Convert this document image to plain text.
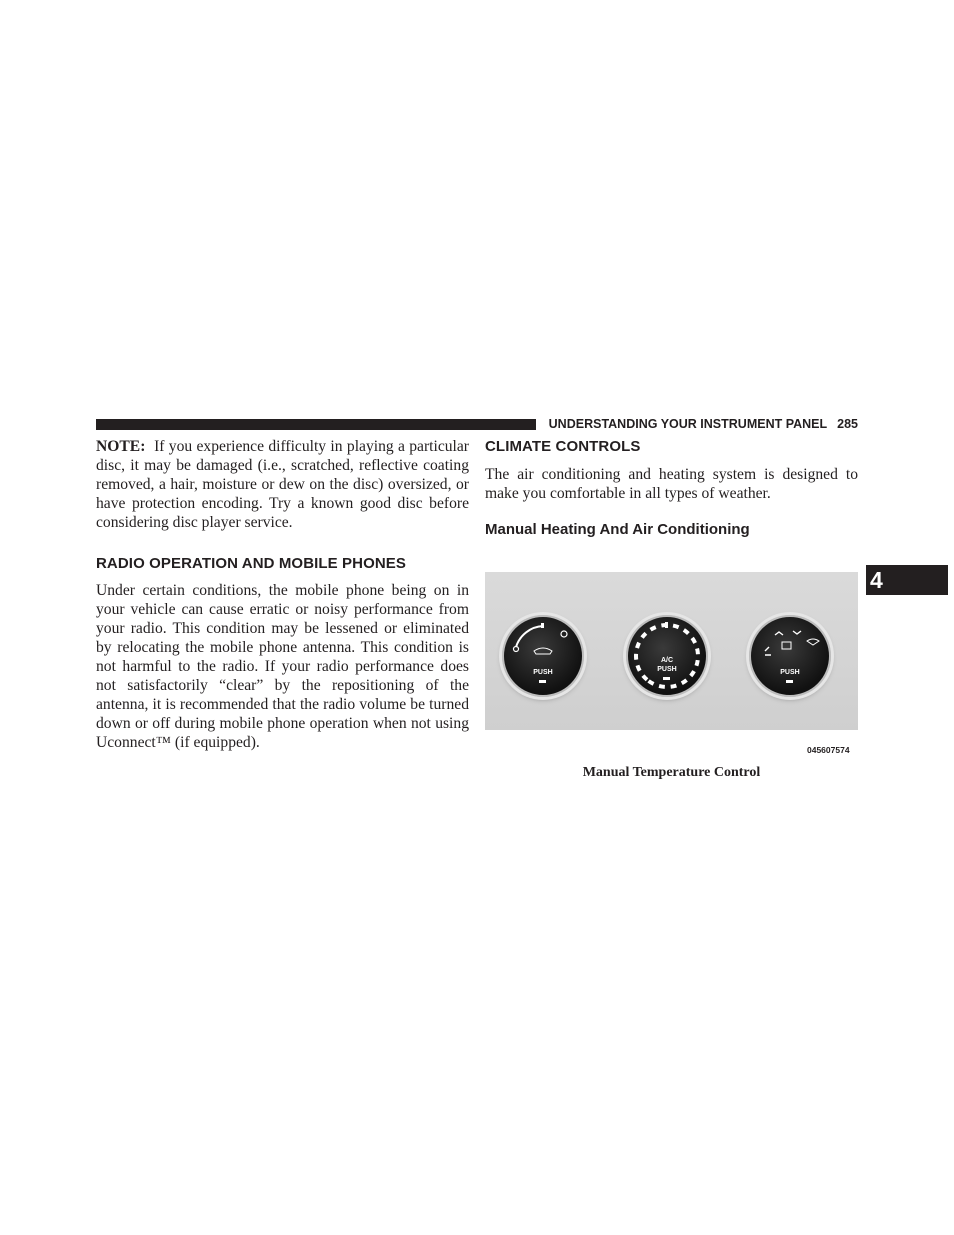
UNDERSTANDING YOUR INSTRUMENT PANEL 285

NOTE: If you experience difficulty in playing a particular disc, it may be damaged (i.e., scratched, reflective coating removed, a hair, moisture or dew on the disc) oversized, or have protection encoding. Try a known good disc before considering disc player service.

RADIO OPERATION AND MOBILE PHONES

Under certain conditions, the mobile phone being on in your vehicle can cause erratic or noisy performance from your radio. This condition may be lessened or eliminated by relocating the mobile phone antenna. This condition is not harmful to the radio. If your radio performance does not satisfactorily “clear” by the repositioning of the antenna, it is recommended that the radio volume be turned down or off during mobile phone operation when not using Uconnect™ (if equipped).

CLIMATE CONTROLS

The air conditioning and heating system is designed to make you comfortable in all types of weather.

Manual Heating And Air Conditioning
4
PUSH
A/C
PUSH	PUSH
045607574
Manual Temperature Control
